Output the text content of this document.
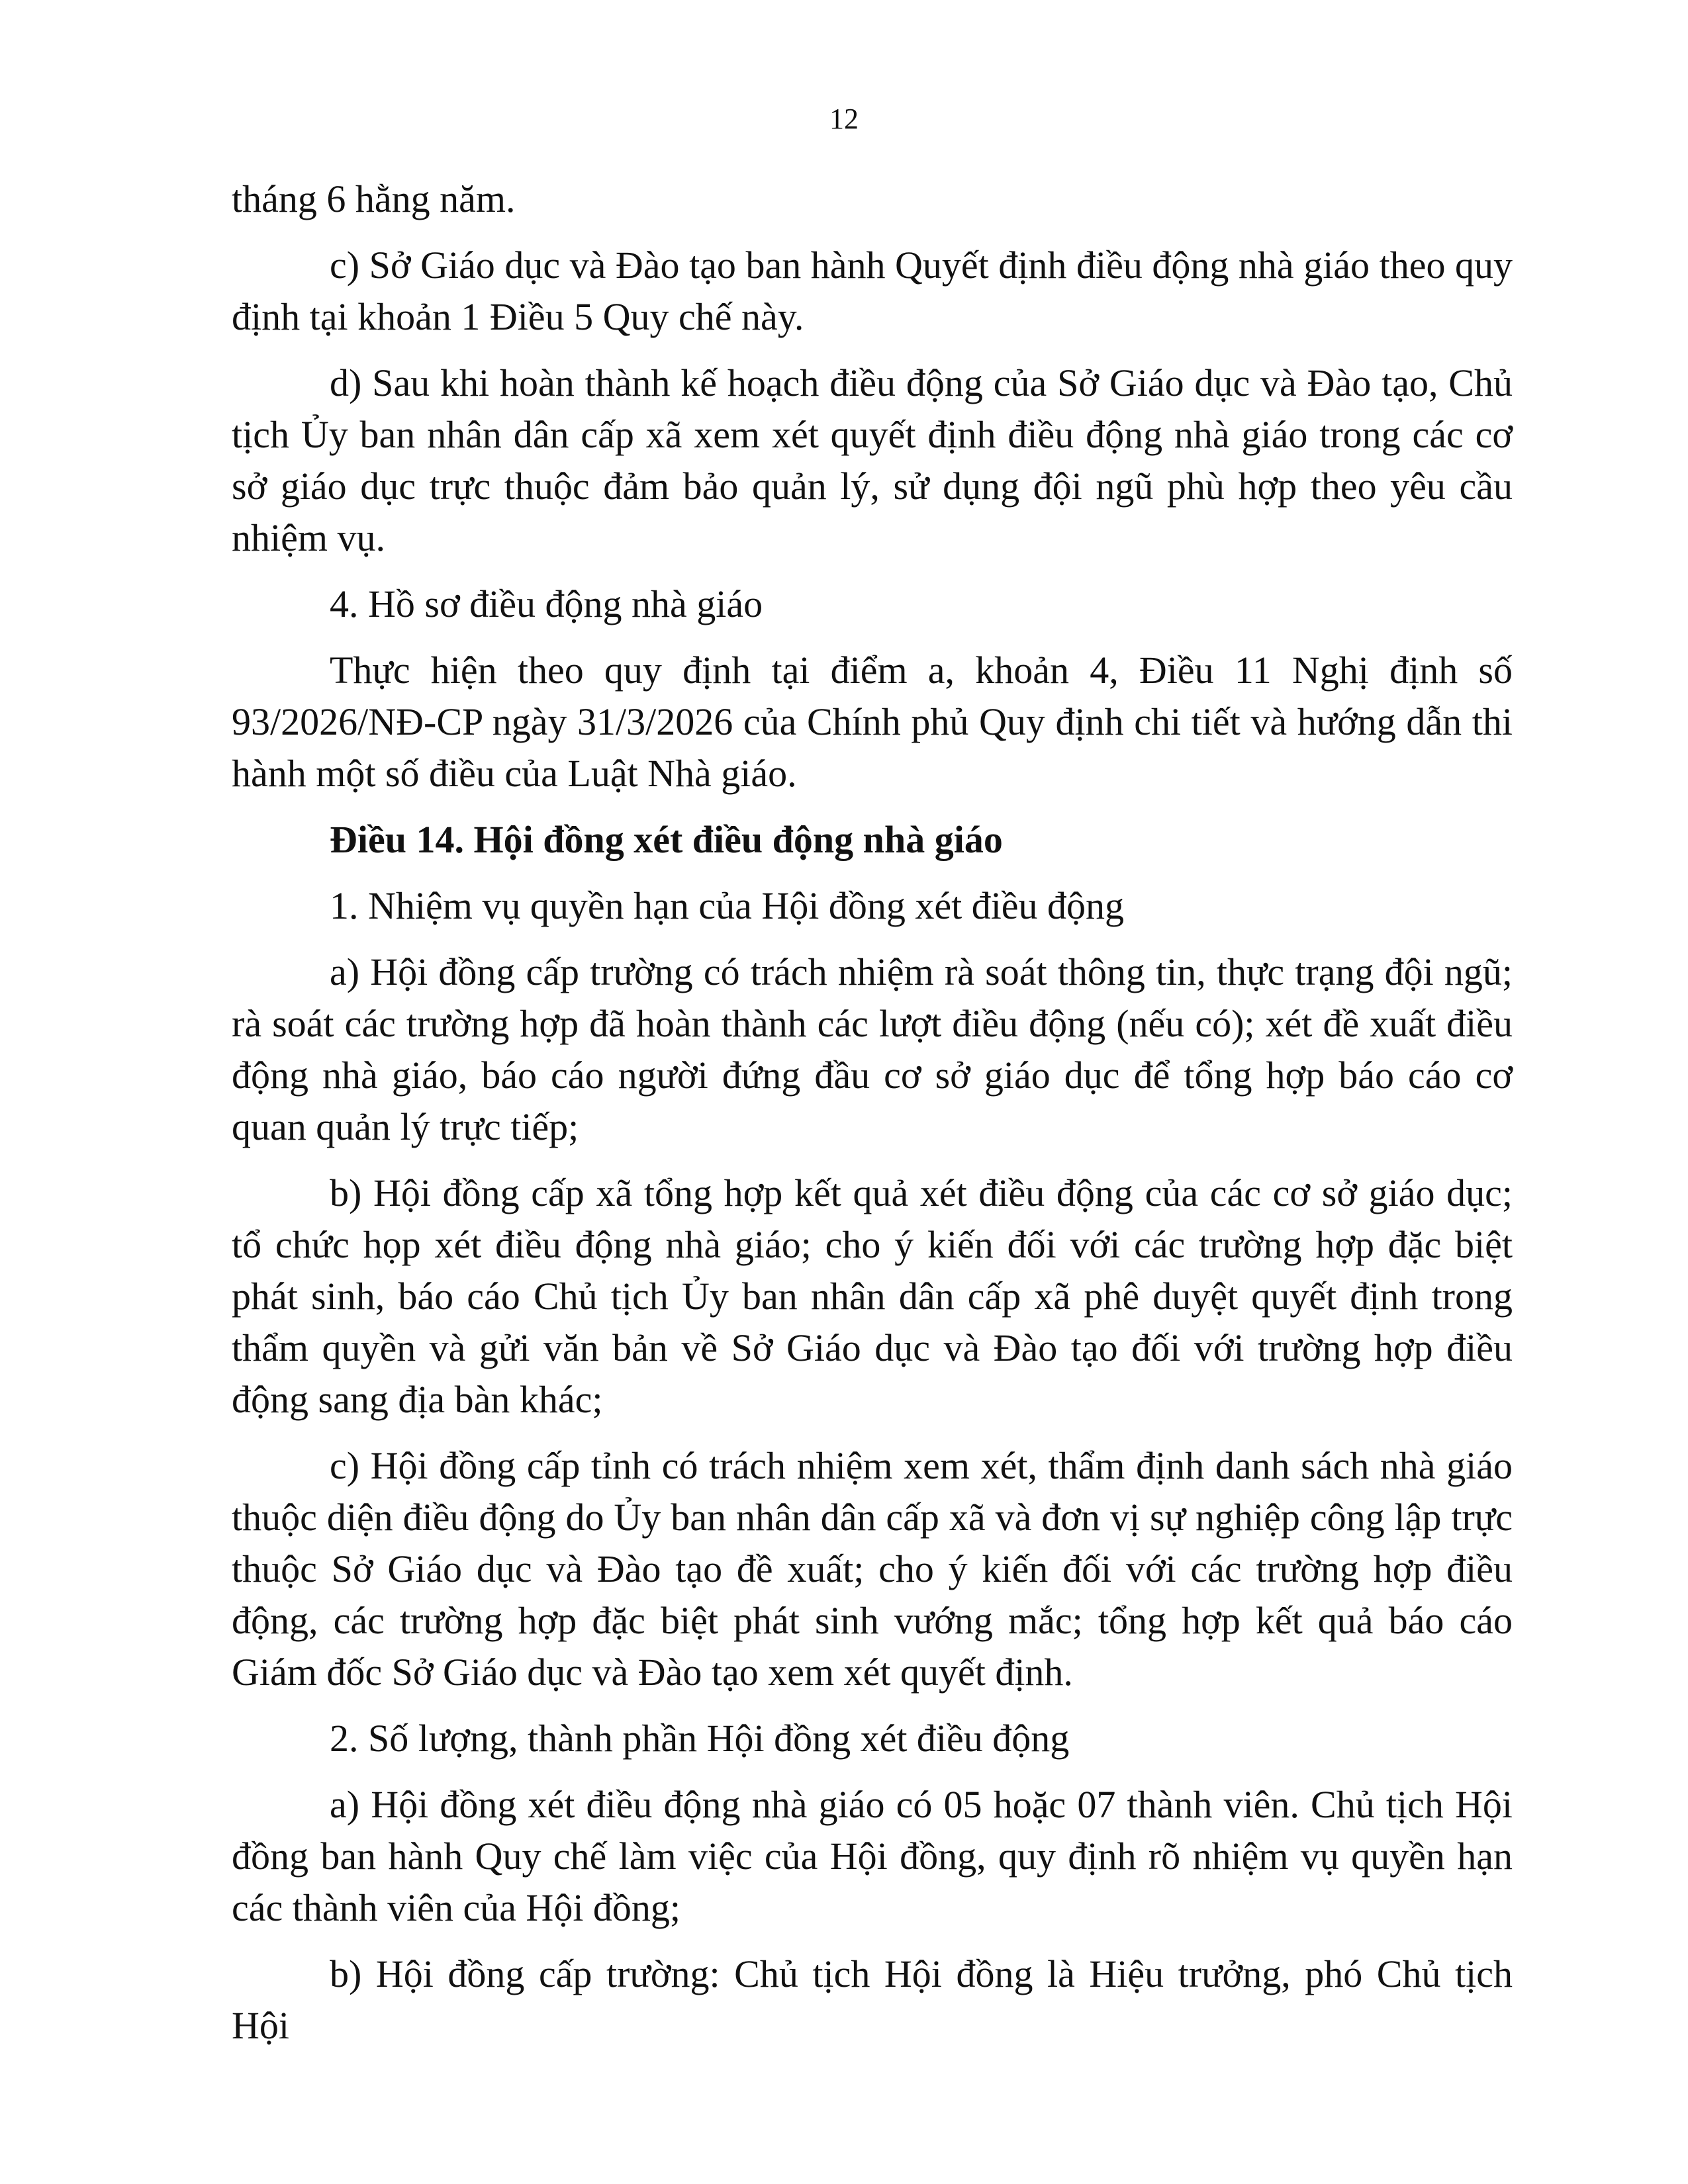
12

tháng 6 hằng năm.

c) Sở Giáo dục và Đào tạo ban hành Quyết định điều động nhà giáo theo quy định tại khoản 1 Điều 5 Quy chế này.

d) Sau khi hoàn thành kế hoạch điều động của Sở Giáo dục và Đào tạo, Chủ tịch Ủy ban nhân dân cấp xã xem xét quyết định điều động nhà giáo trong các cơ sở giáo dục trực thuộc đảm bảo quản lý, sử dụng đội ngũ phù hợp theo yêu cầu nhiệm vụ.

4. Hồ sơ điều động nhà giáo

Thực hiện theo quy định tại điểm a, khoản 4, Điều 11 Nghị định số 93/2026/NĐ-CP ngày 31/3/2026 của Chính phủ Quy định chi tiết và hướng dẫn thi hành một số điều của Luật Nhà giáo.

Điều 14. Hội đồng xét điều động nhà giáo

1. Nhiệm vụ quyền hạn của Hội đồng xét điều động

a) Hội đồng cấp trường có trách nhiệm rà soát thông tin, thực trạng đội ngũ; rà soát các trường hợp đã hoàn thành các lượt điều động (nếu có); xét đề xuất điều động nhà giáo, báo cáo người đứng đầu cơ sở giáo dục để tổng hợp báo cáo cơ quan quản lý trực tiếp;

b) Hội đồng cấp xã tổng hợp kết quả xét điều động của các cơ sở giáo dục; tổ chức họp xét điều động nhà giáo; cho ý kiến đối với các trường hợp đặc biệt phát sinh, báo cáo Chủ tịch Ủy ban nhân dân cấp xã phê duyệt quyết định trong thẩm quyền và gửi văn bản về Sở Giáo dục và Đào tạo đối với trường hợp điều động sang địa bàn khác;

c) Hội đồng cấp tỉnh có trách nhiệm xem xét, thẩm định danh sách nhà giáo thuộc diện điều động do Ủy ban nhân dân cấp xã và đơn vị sự nghiệp công lập trực thuộc Sở Giáo dục và Đào tạo đề xuất; cho ý kiến đối với các trường hợp điều động, các trường hợp đặc biệt phát sinh vướng mắc; tổng hợp kết quả báo cáo Giám đốc Sở Giáo dục và Đào tạo xem xét quyết định.

2. Số lượng, thành phần Hội đồng xét điều động

a) Hội đồng xét điều động nhà giáo có 05 hoặc 07 thành viên. Chủ tịch Hội đồng ban hành Quy chế làm việc của Hội đồng, quy định rõ nhiệm vụ quyền hạn các thành viên của Hội đồng;

b) Hội đồng cấp trường: Chủ tịch Hội đồng là Hiệu trưởng, phó Chủ tịch Hội
